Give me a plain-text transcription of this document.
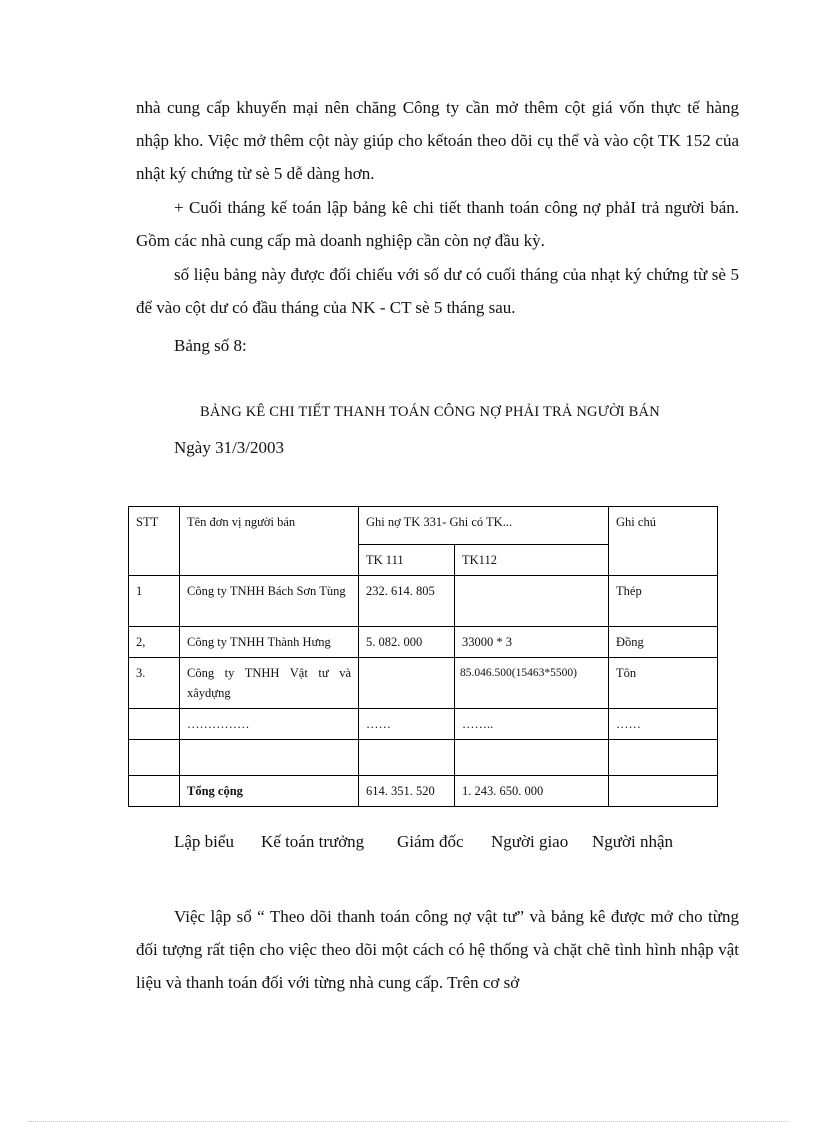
nhà cung cấp khuyến mại nên chăng Công ty cần mở thêm cột giá vốn thực tế hàng nhập kho. Việc mở thêm cột này giúp cho kếtoán theo dõi cụ thể và vào cột TK 152 của nhật ký chứng từ sè 5 dễ dàng hơn.

+ Cuối tháng kế toán lập bảng kê chi tiết thanh toán công nợ phảI trả người bán. Gồm các nhà cung cấp mà doanh nghiệp cần còn nợ đầu kỳ.

số liệu bảng này được đối chiếu với số dư có cuối tháng của nhạt ký chứng từ sè 5 để vào cột dư có đầu tháng của NK - CT sè 5 tháng sau.

Bảng số 8:

BẢNG KÊ CHI TIẾT THANH TOÁN CÔNG NỢ PHẢI TRẢ NGƯỜI BÁN

Ngày 31/3/2003

STT	Tên đơn vị người bán	Ghi nợ TK 331- Ghi có TK...		Ghi chú
		TK 111	TK112	
1	Công ty TNHH Bách Sơn Tùng	232. 614. 805		Thép
2,	Công ty TNHH Thành Hưng	5. 082. 000	33000 * 3	Đồng
3.	Công ty TNHH Vật tư và xâydựng		85.046.500(15463*5500)	Tôn
	……………	……	……..	……

	Tổng cộng	614. 351. 520	1. 243. 650. 000	
Lập biểu Kế toán trưởng Giám đốc Người giao Người nhận

Việc lập sổ “ Theo dõi thanh toán công nợ vật tư” và bảng kê được mở cho từng đối tượng rất tiện cho việc theo dõi một cách có hệ thống và chặt chẽ tình hình nhập vật liệu và thanh toán đối với từng nhà cung cấp. Trên cơ sở
